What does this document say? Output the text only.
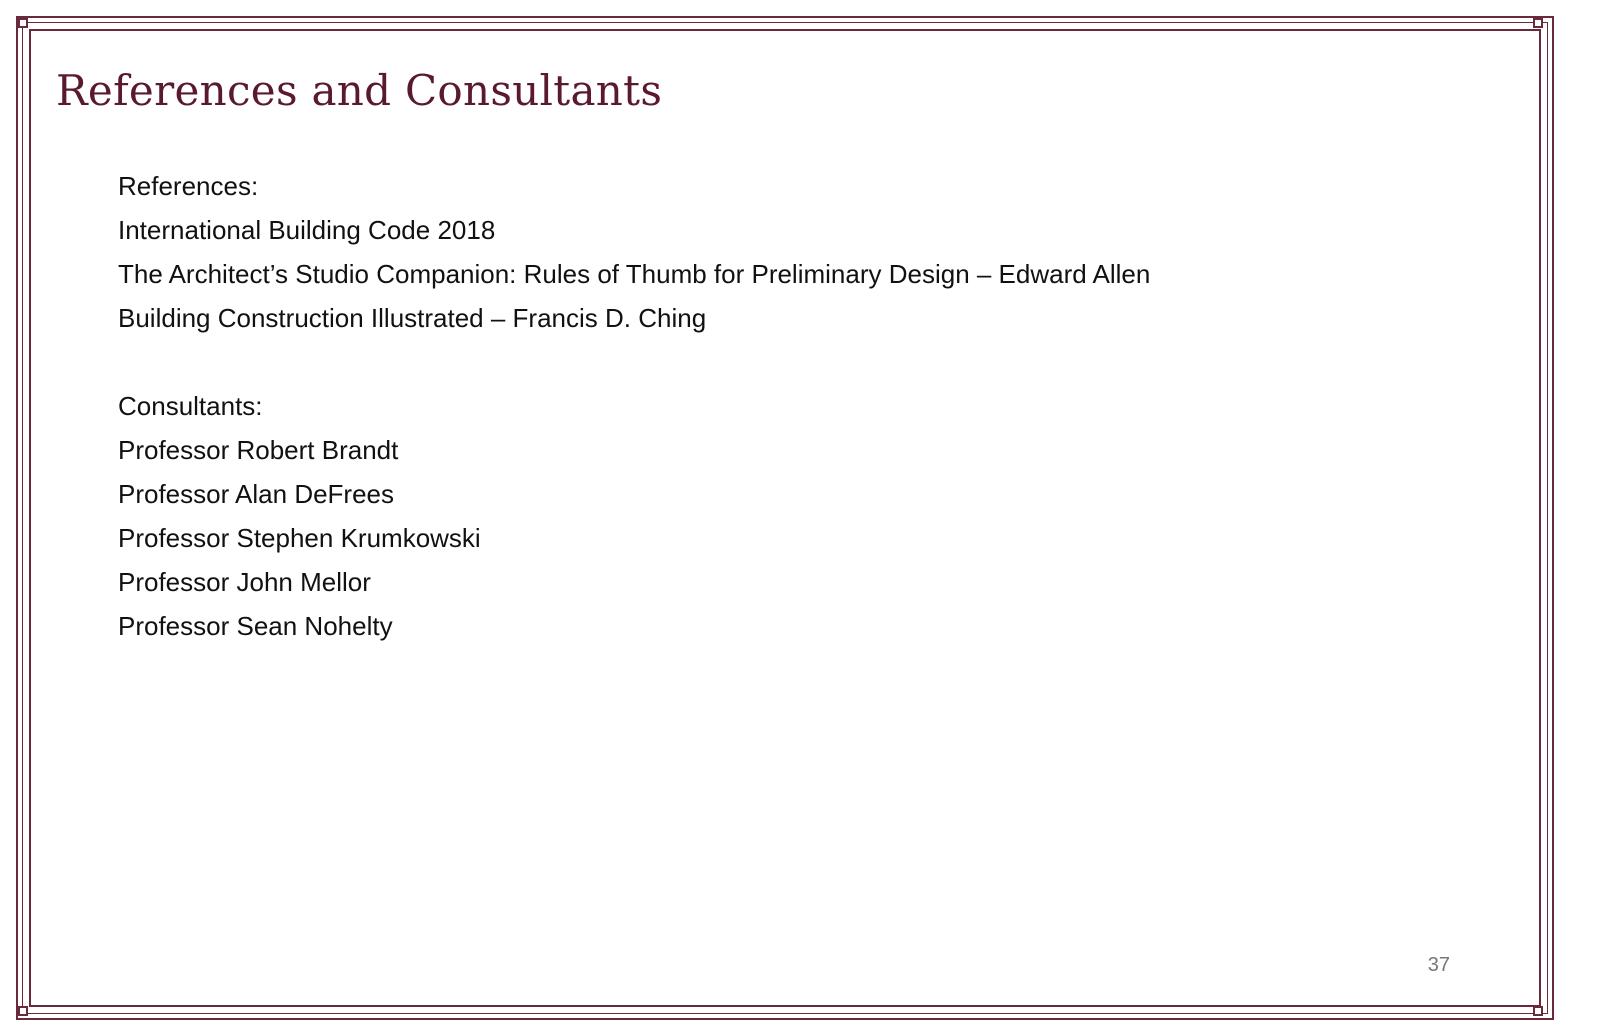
References and Consultants
References:
International Building Code 2018
The Architect’s Studio Companion: Rules of Thumb for Preliminary Design – Edward Allen
Building Construction Illustrated – Francis D. Ching
Consultants:
Professor Robert Brandt
Professor Alan DeFrees
Professor Stephen Krumkowski
Professor John Mellor
Professor Sean Nohelty
37
